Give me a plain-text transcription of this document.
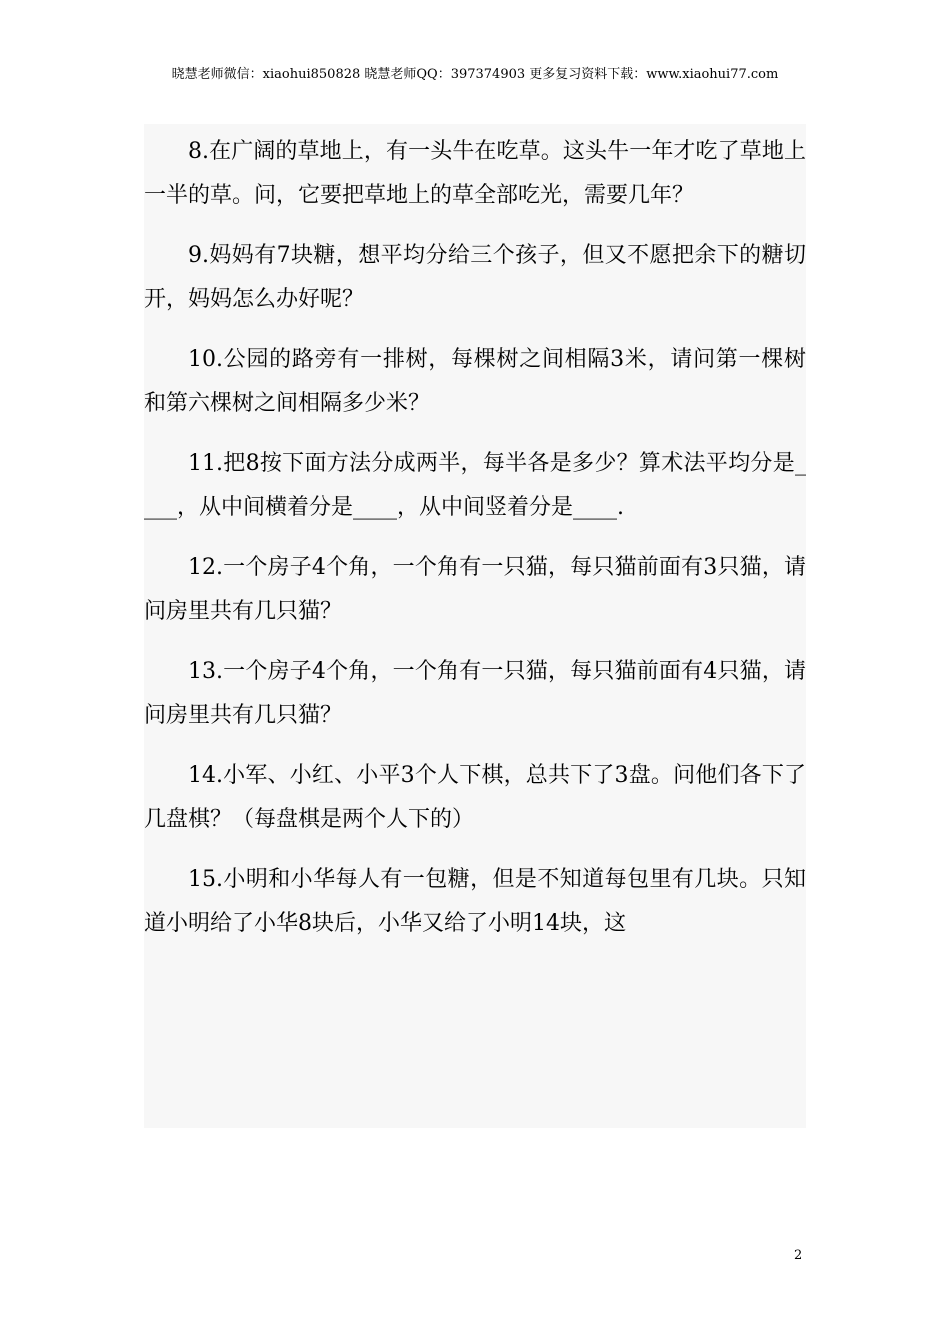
晓慧老师微信：xiaohui850828 晓慧老师QQ：397374903 更多复习资料下载：www.xiaohui77.com

8.在广阔的草地上，有一头牛在吃草。这头牛一年才吃了草地上一半的草。问，它要把草地上的草全部吃光，需要几年？

9.妈妈有7块糖，想平均分给三个孩子，但又不愿把余下的糖切开，妈妈怎么办好呢？

10.公园的路旁有一排树，每棵树之间相隔3米，请问第一棵树和第六棵树之间相隔多少米？

11.把8按下面方法分成两半，每半各是多少？算术法平均分是____，从中间横着分是____，从中间竖着分是____.

12.一个房子4个角，一个角有一只猫，每只猫前面有3只猫，请问房里共有几只猫？

13.一个房子4个角，一个角有一只猫，每只猫前面有4只猫，请问房里共有几只猫？

14.小军、小红、小平3个人下棋，总共下了3盘。问他们各下了几盘棋？（每盘棋是两个人下的）

15.小明和小华每人有一包糖，但是不知道每包里有几块。只知道小明给了小华8块后，小华又给了小明14块，这

2
